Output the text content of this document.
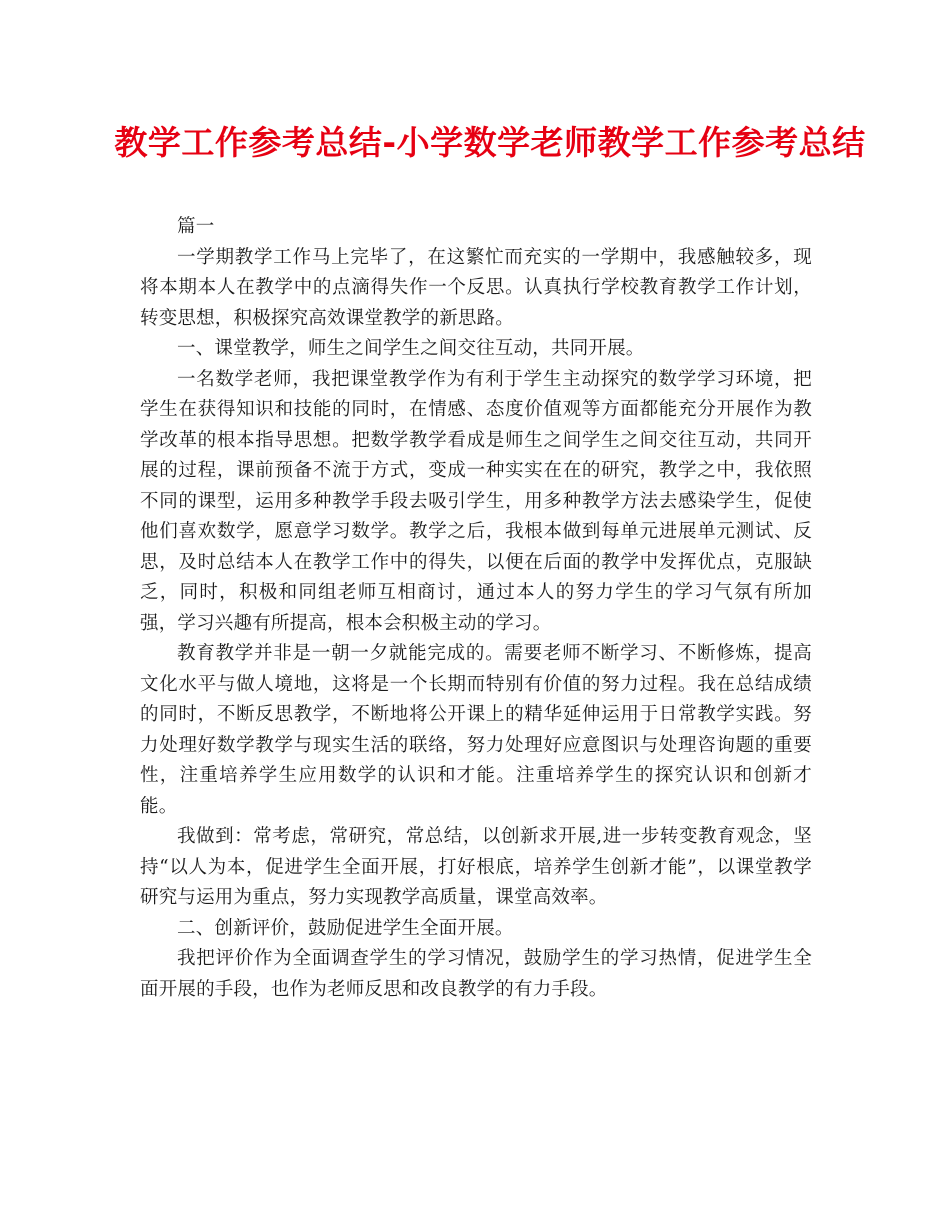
教学工作参考总结-小学数学老师教学工作参考总结

篇一

一学期教学工作马上完毕了，在这繁忙而充实的一学期中，我感触较多，现将本期本人在教学中的点滴得失作一个反思。认真执行学校教育教学工作计划，转变思想，积极探究高效课堂教学的新思路。

一、课堂教学，师生之间学生之间交往互动，共同开展。

一名数学老师，我把课堂教学作为有利于学生主动探究的数学学习环境，把学生在获得知识和技能的同时，在情感、态度价值观等方面都能充分开展作为教学改革的根本指导思想。把数学教学看成是师生之间学生之间交往互动，共同开展的过程，课前预备不流于方式，变成一种实实在在的研究，教学之中，我依照不同的课型，运用多种教学手段去吸引学生，用多种教学方法去感染学生，促使他们喜欢数学，愿意学习数学。教学之后，我根本做到每单元进展单元测试、反思，及时总结本人在教学工作中的得失，以便在后面的教学中发挥优点，克服缺乏，同时，积极和同组老师互相商讨，通过本人的努力学生的学习气氛有所加强，学习兴趣有所提高，根本会积极主动的学习。

教育教学并非是一朝一夕就能完成的。需要老师不断学习、不断修炼，提高文化水平与做人境地，这将是一个长期而特别有价值的努力过程。我在总结成绩的同时，不断反思教学，不断地将公开课上的精华延伸运用于日常教学实践。努力处理好数学教学与现实生活的联络，努力处理好应意图识与处理咨询题的重要性，注重培养学生应用数学的认识和才能。注重培养学生的探究认识和创新才能。

我做到：常考虑，常研究，常总结，以创新求开展,进一步转变教育观念，坚持“以人为本，促进学生全面开展，打好根底，培养学生创新才能”，以课堂教学研究与运用为重点，努力实现教学高质量，课堂高效率。

二、创新评价，鼓励促进学生全面开展。

我把评价作为全面调查学生的学习情况，鼓励学生的学习热情，促进学生全面开展的手段，也作为老师反思和改良教学的有力手段。
